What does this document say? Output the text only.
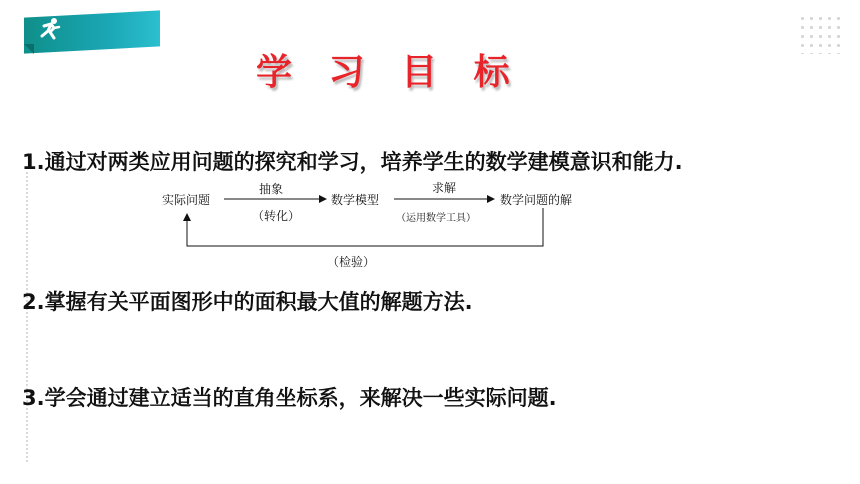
学 习 目 标
1.通过对两类应用问题的探究和学习，培养学生的数学建模意识和能力.
实际问题
抽象
（转化）
数学模型
求解
（运用数学工具）
数学问题的解
（检验）
2.掌握有关平面图形中的面积最大值的解题方法.
3.学会通过建立适当的直角坐标系，来解决一些实际问题.
